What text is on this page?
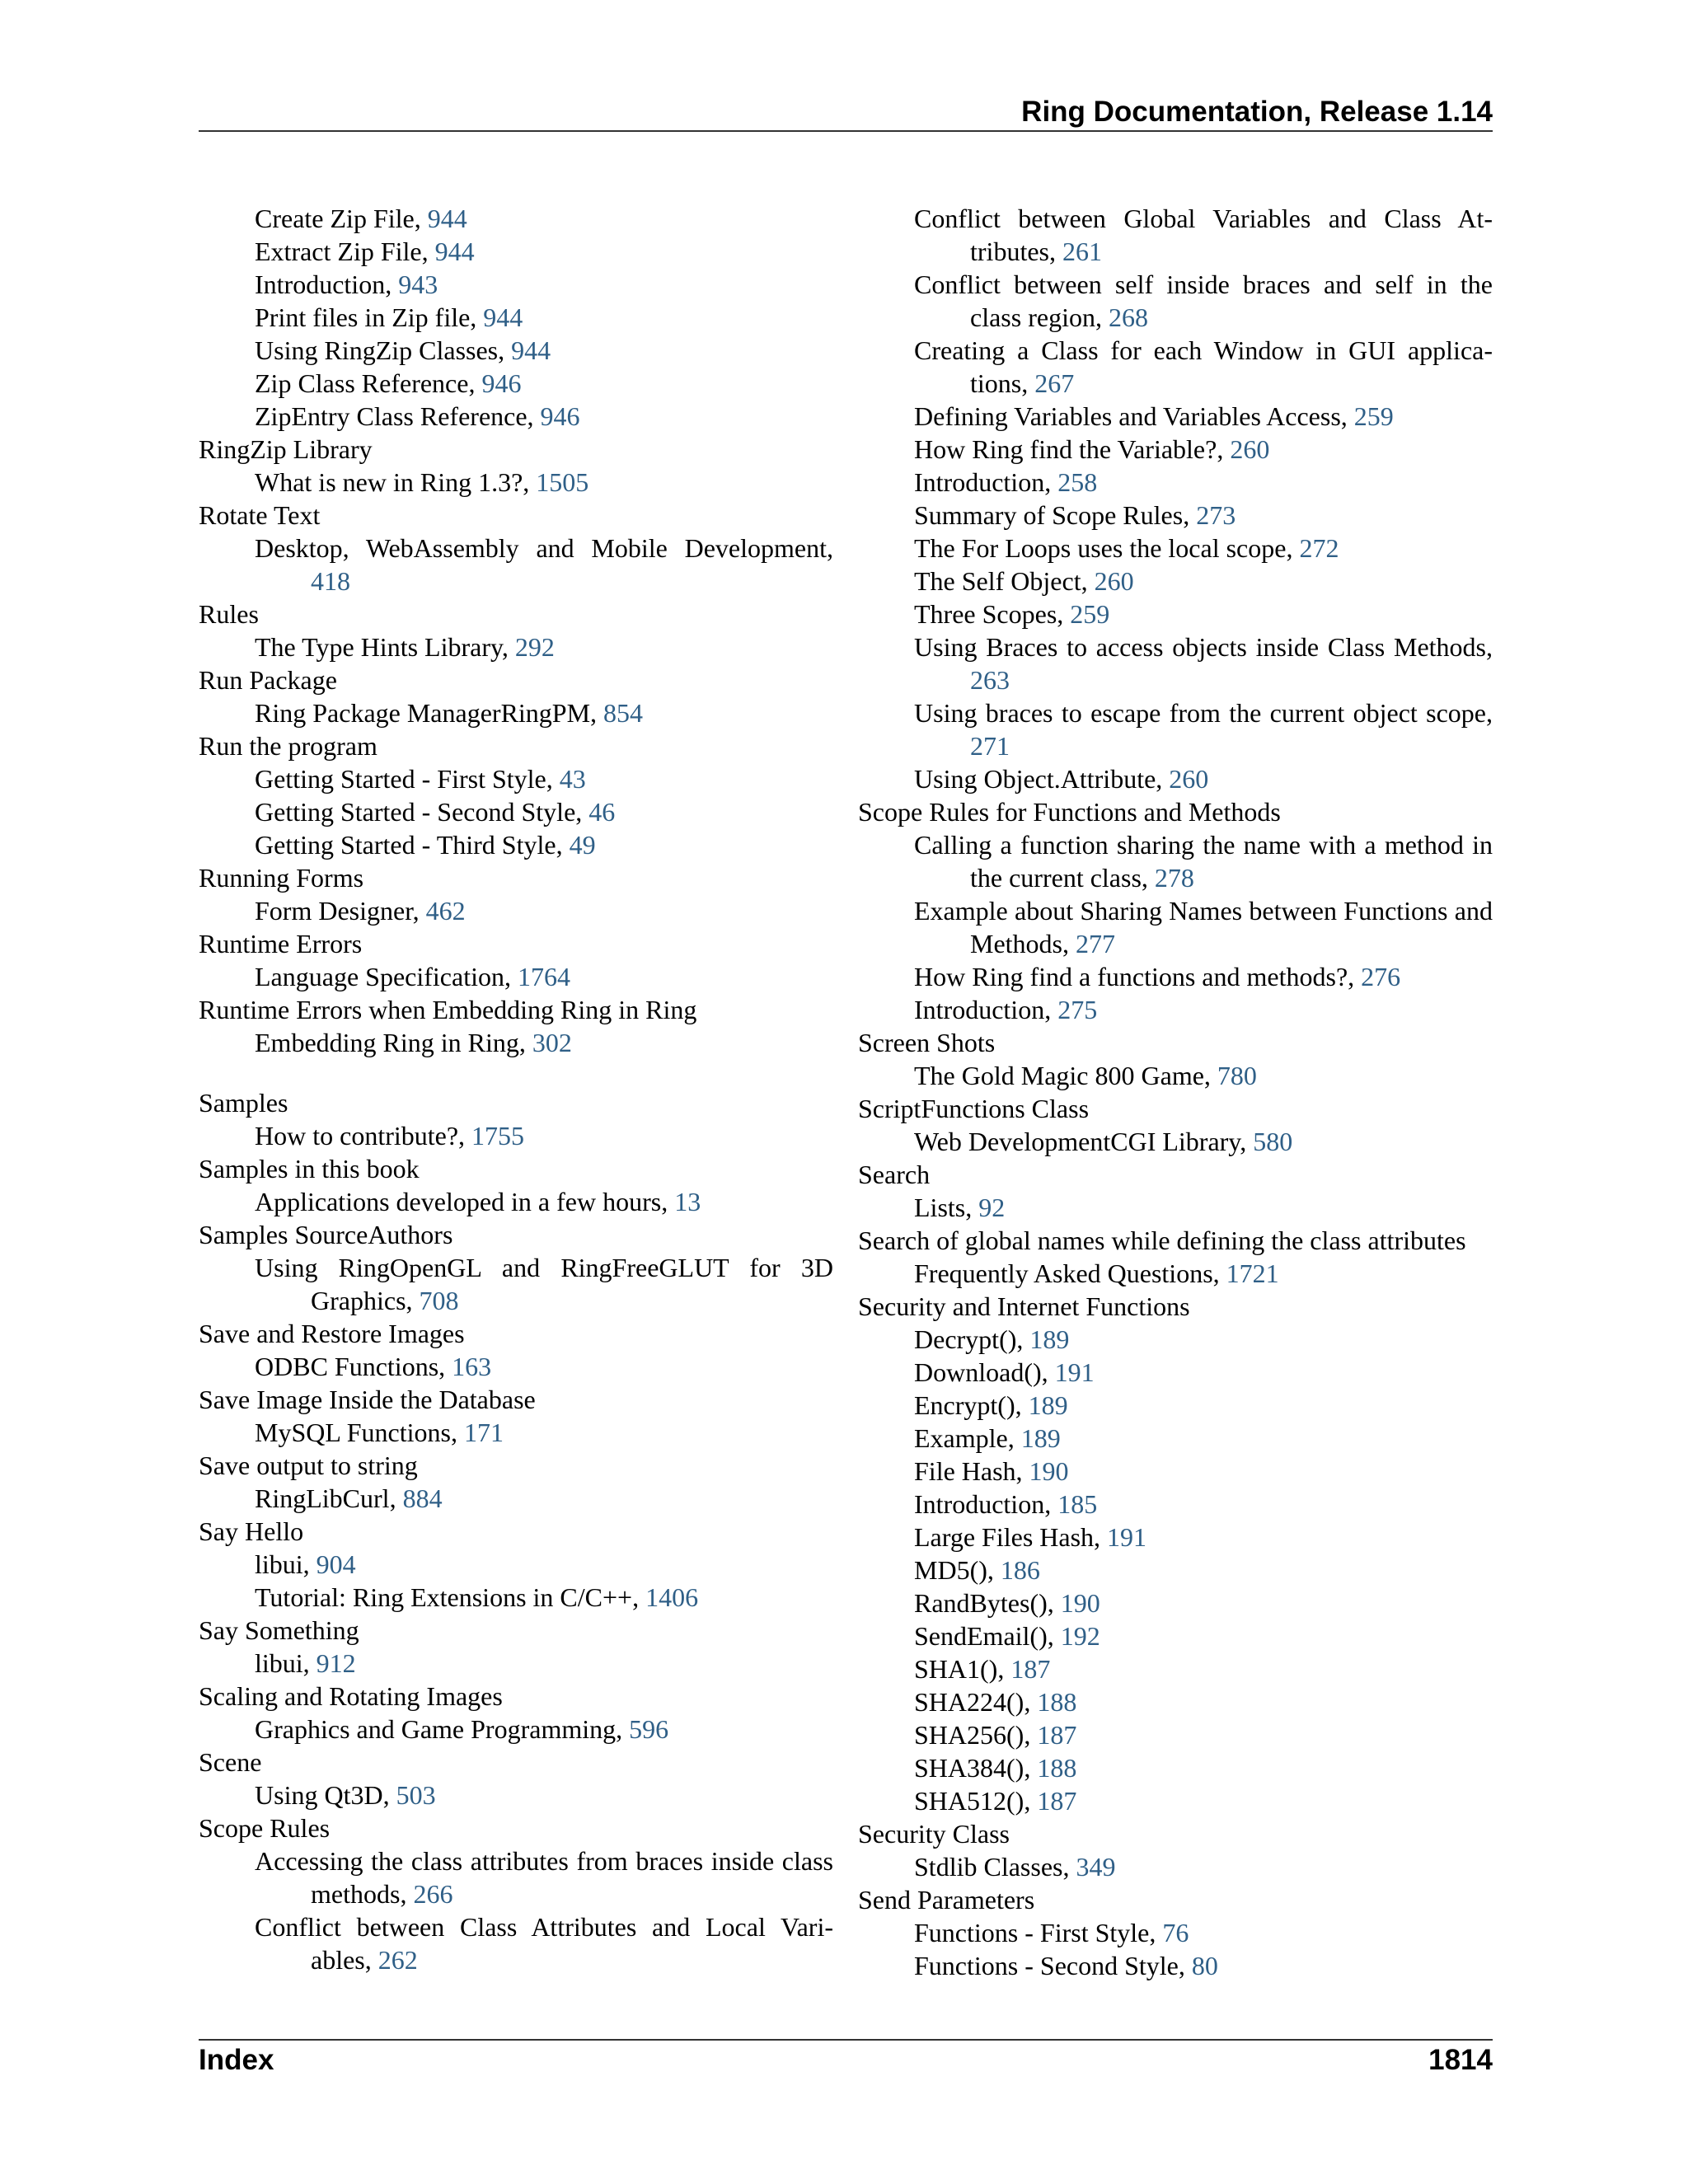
Ring Documentation, Release 1.14
Create Zip File, 944
Extract Zip File, 944
Introduction, 943
Print files in Zip file, 944
Using RingZip Classes, 944
Zip Class Reference, 946
ZipEntry Class Reference, 946
RingZip Library
What is new in Ring 1.3?, 1505
Rotate Text
Desktop, WebAssembly and Mobile Development, 418
Rules
The Type Hints Library, 292
Run Package
Ring Package ManagerRingPM, 854
Run the program
Getting Started - First Style, 43
Getting Started - Second Style, 46
Getting Started - Third Style, 49
Running Forms
Form Designer, 462
Runtime Errors
Language Specification, 1764
Runtime Errors when Embedding Ring in Ring
Embedding Ring in Ring, 302
Samples
How to contribute?, 1755
Samples in this book
Applications developed in a few hours, 13
Samples SourceAuthors
Using RingOpenGL and RingFreeGLUT for 3D Graphics, 708
Save and Restore Images
ODBC Functions, 163
Save Image Inside the Database
MySQL Functions, 171
Save output to string
RingLibCurl, 884
Say Hello
libui, 904
Tutorial: Ring Extensions in C/C++, 1406
Say Something
libui, 912
Scaling and Rotating Images
Graphics and Game Programming, 596
Scene
Using Qt3D, 503
Scope Rules
Accessing the class attributes from braces inside class methods, 266
Conflict between Class Attributes and Local Vari- ables, 262
Conflict between Global Variables and Class At- tributes, 261
Conflict between self inside braces and self in the class region, 268
Creating a Class for each Window in GUI applica- tions, 267
Defining Variables and Variables Access, 259
How Ring find the Variable?, 260
Introduction, 258
Summary of Scope Rules, 273
The For Loops uses the local scope, 272
The Self Object, 260
Three Scopes, 259
Using Braces to access objects inside Class Methods, 263
Using braces to escape from the current object scope, 271
Using Object.Attribute, 260
Scope Rules for Functions and Methods
Calling a function sharing the name with a method in the current class, 278
Example about Sharing Names between Functions and Methods, 277
How Ring find a functions and methods?, 276
Introduction, 275
Screen Shots
The Gold Magic 800 Game, 780
ScriptFunctions Class
Web DevelopmentCGI Library, 580
Search
Lists, 92
Search of global names while defining the class attributes
Frequently Asked Questions, 1721
Security and Internet Functions
Decrypt(), 189
Download(), 191
Encrypt(), 189
Example, 189
File Hash, 190
Introduction, 185
Large Files Hash, 191
MD5(), 186
RandBytes(), 190
SendEmail(), 192
SHA1(), 187
SHA224(), 188
SHA256(), 187
SHA384(), 188
SHA512(), 187
Security Class
Stdlib Classes, 349
Send Parameters
Functions - First Style, 76
Functions - Second Style, 80
Index	1814
